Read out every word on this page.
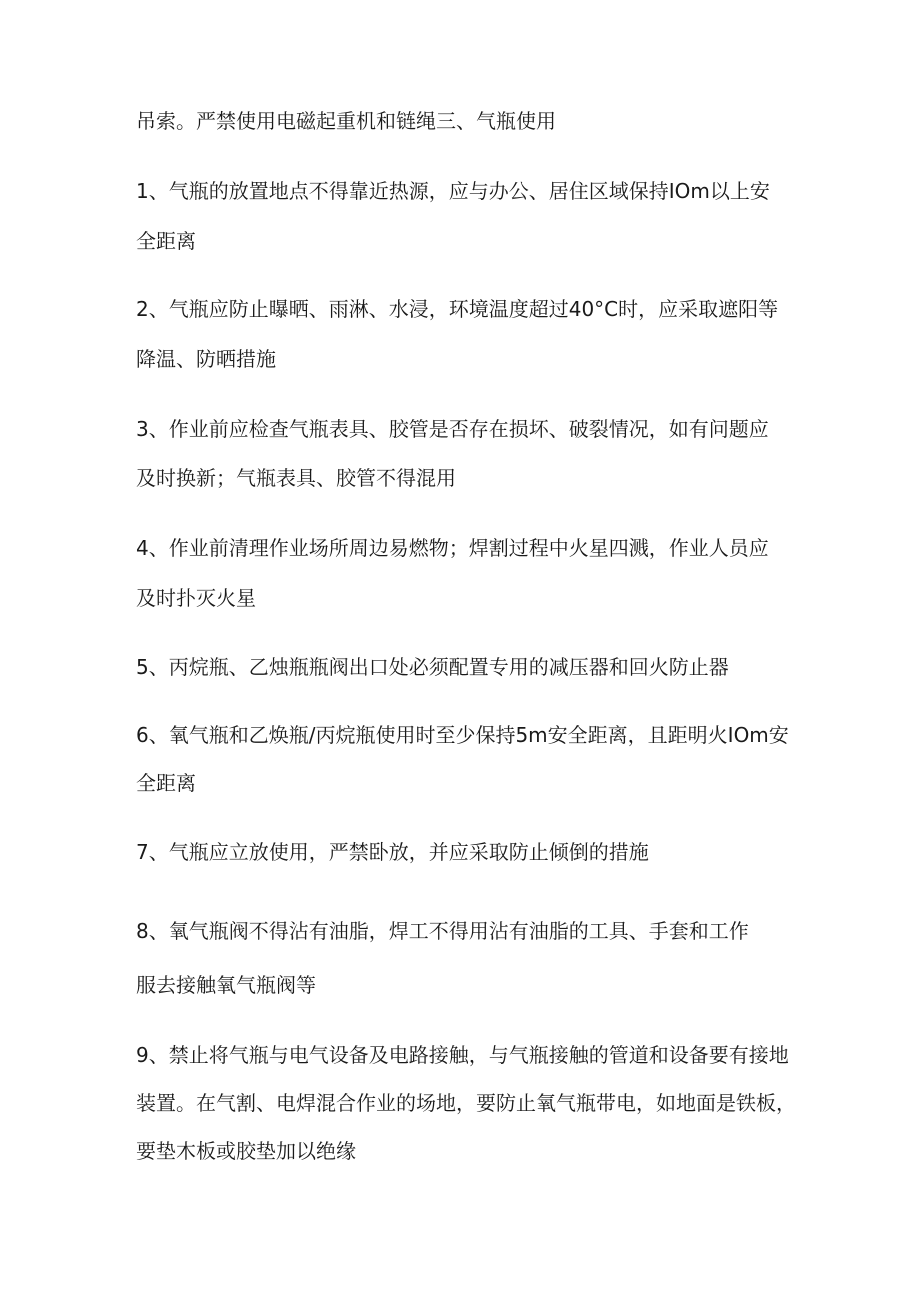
吊索。严禁使用电磁起重机和链绳三、气瓶使用
1、气瓶的放置地点不得靠近热源，应与办公、居住区域保持IOm以上安
全距离
2、气瓶应防止曝晒、雨淋、水浸，环境温度超过40°C时，应采取遮阳等
降温、防晒措施
3、作业前应检查气瓶表具、胶管是否存在损坏、破裂情况，如有问题应
及时换新；气瓶表具、胶管不得混用
4、作业前清理作业场所周边易燃物；焊割过程中火星四溅，作业人员应
及时扑灭火星
5、丙烷瓶、乙烛瓶瓶阀出口处必须配置专用的减压器和回火防止器
6、氧气瓶和乙焕瓶/丙烷瓶使用时至少保持5m安全距离，且距明火IOm安
全距离
7、气瓶应立放使用，严禁卧放，并应采取防止倾倒的措施
8、氧气瓶阀不得沾有油脂，焊工不得用沾有油脂的工具、手套和工作
服去接触氧气瓶阀等
9、禁止将气瓶与电气设备及电路接触，与气瓶接触的管道和设备要有接地
装置。在气割、电焊混合作业的场地，要防止氧气瓶带电，如地面是铁板，
要垫木板或胶垫加以绝缘
